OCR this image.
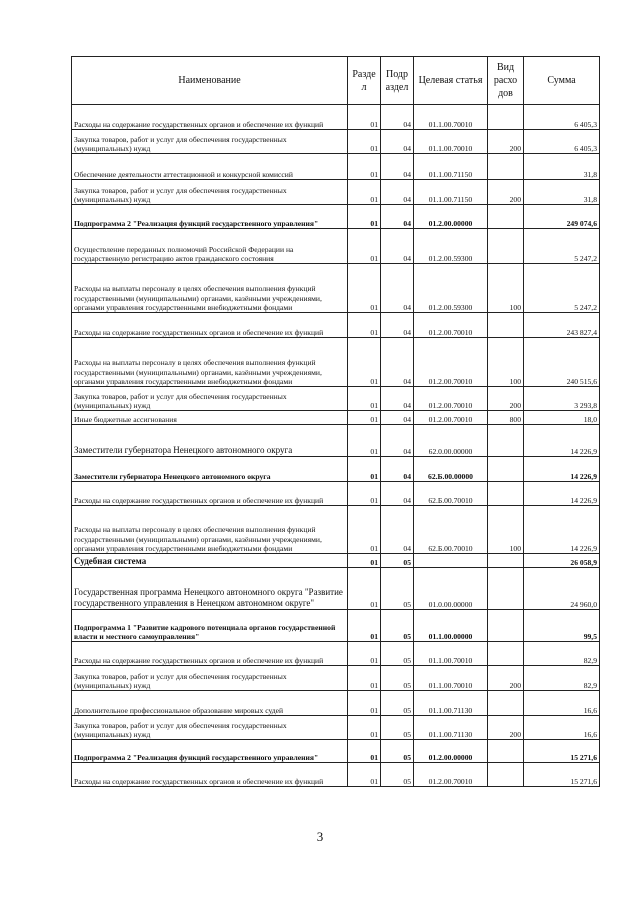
Наименование	Разде л	Подр аздел	Целевая статья	Вид расхо дов	Сумма
Расходы на содержание государственных органов и обеспечение их функций	01	04	01.1.00.70010		6 405,3
Закупка товаров, работ и услуг для обеспечения государственных (муниципальных) нужд	01	04	01.1.00.70010	200	6 405,3
Обеспечение деятельности аттестационной и конкурсной комиссий	01	04	01.1.00.71150		31,8
Закупка товаров, работ и услуг для обеспечения государственных (муниципальных) нужд	01	04	01.1.00.71150	200	31,8
Подпрограмма 2 "Реализация функций государственного управления"	01	04	01.2.00.00000		249 074,6
Осуществление переданных полномочий Российской Федерации на государственную регистрацию актов гражданского состояния	01	04	01.2.00.59300		5 247,2
Расходы на выплаты персоналу в целях обеспечения выполнения функций государственными (муниципальными) органами, казёнными учреждениями, органами управления государственными внебюджетными фондами	01	04	01.2.00.59300	100	5 247,2
Расходы на содержание государственных органов и обеспечение их функций	01	04	01.2.00.70010		243 827,4
Расходы на выплаты персоналу в целях обеспечения выполнения функций государственными (муниципальными) органами, казёнными учреждениями, органами управления государственными внебюджетными фондами	01	04	01.2.00.70010	100	240 515,6
Закупка товаров, работ и услуг для обеспечения государственных (муниципальных) нужд	01	04	01.2.00.70010	200	3 293,8
Иные бюджетные ассигнования	01	04	01.2.00.70010	800	18,0
Заместители губернатора Ненецкого автономного округа	01	04	62.0.00.00000		14 226,9
Заместители губернатора Ненецкого автономного округа	01	04	62.Б.00.00000		14 226,9
Расходы на содержание государственных органов и обеспечение их функций	01	04	62.Б.00.70010		14 226,9
Расходы на выплаты персоналу в целях обеспечения выполнения функций государственными (муниципальными) органами, казёнными учреждениями, органами управления государственными внебюджетными фондами	01	04	62.Б.00.70010	100	14 226,9
Судебная система	01	05			26 058,9
Государственная программа Ненецкого автономного округа "Развитие государственного управления в Ненецком автономном округе"	01	05	01.0.00.00000		24 960,0
Подпрограмма 1 "Развитие кадрового потенциала органов государственной власти и местного самоуправления"	01	05	01.1.00.00000		99,5
Расходы на содержание государственных органов и обеспечение их функций	01	05	01.1.00.70010		82,9
Закупка товаров, работ и услуг для обеспечения государственных (муниципальных) нужд	01	05	01.1.00.70010	200	82,9
Дополнительное профессиональное образование мировых судей	01	05	01.1.00.71130		16,6
Закупка товаров, работ и услуг для обеспечения государственных (муниципальных) нужд	01	05	01.1.00.71130	200	16,6
Подпрограмма 2 "Реализация функций государственного управления"	01	05	01.2.00.00000		15 271,6
Расходы на содержание государственных органов и обеспечение их функций	01	05	01.2.00.70010		15 271,6
3
